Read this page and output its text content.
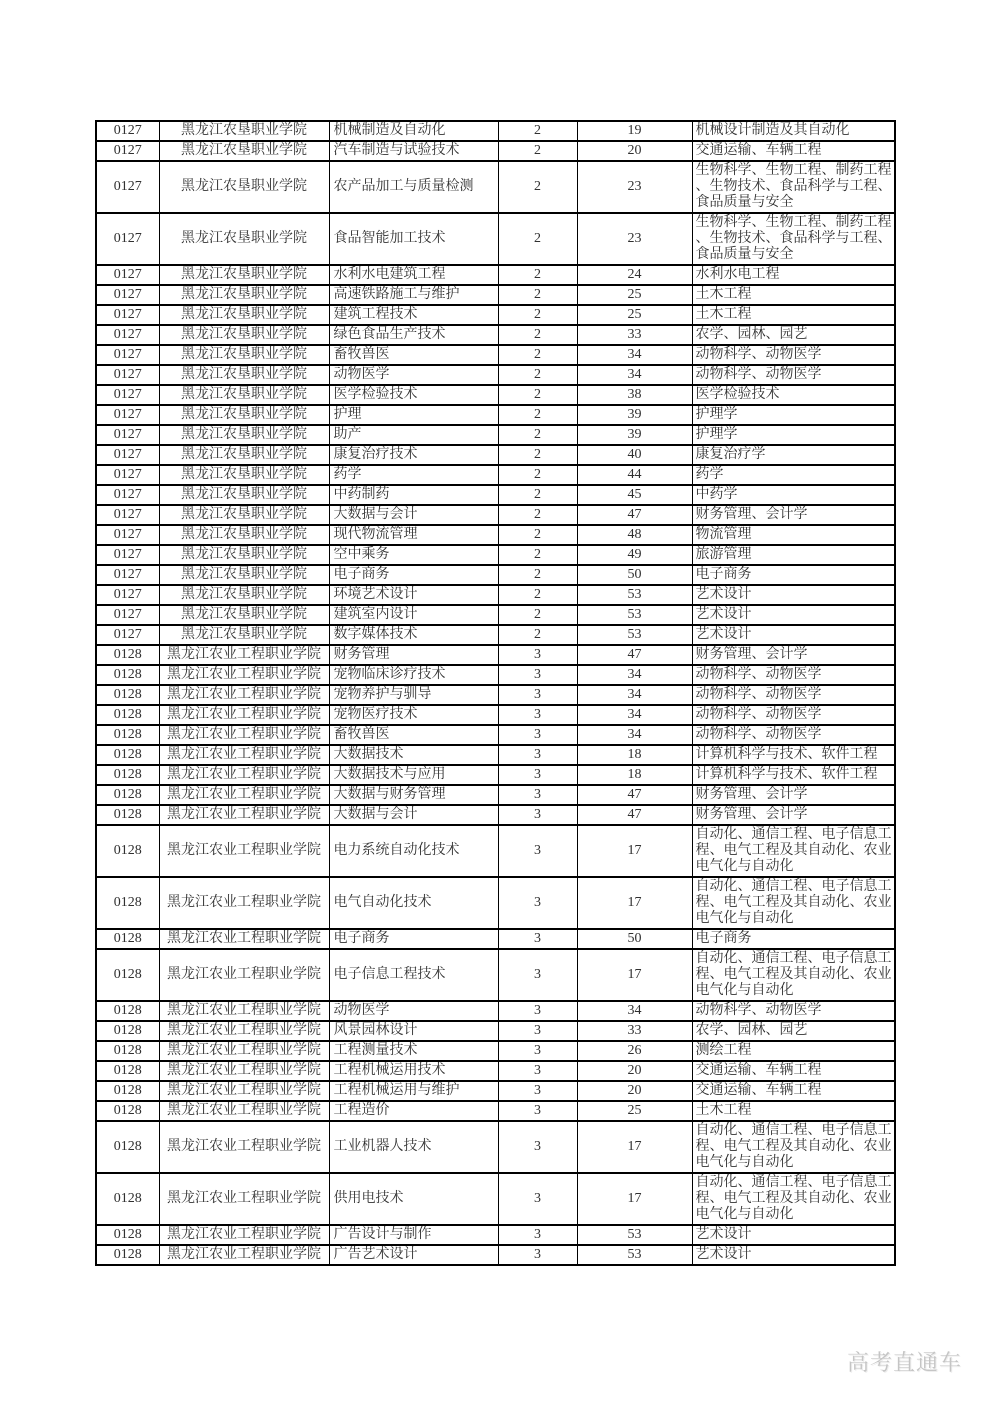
0127	黑龙江农垦职业学院	机械制造及自动化	2	19	机械设计制造及其自动化
0127	黑龙江农垦职业学院	汽车制造与试验技术	2	20	交通运输、车辆工程
0127	黑龙江农垦职业学院	农产品加工与质量检测	2	23	生物科学、生物工程、制药工程、生物技术、食品科学与工程、食品质量与安全
0127	黑龙江农垦职业学院	食品智能加工技术	2	23	生物科学、生物工程、制药工程、生物技术、食品科学与工程、食品质量与安全
0127	黑龙江农垦职业学院	水利水电建筑工程	2	24	水利水电工程
0127	黑龙江农垦职业学院	高速铁路施工与维护	2	25	土木工程
0127	黑龙江农垦职业学院	建筑工程技术	2	25	土木工程
0127	黑龙江农垦职业学院	绿色食品生产技术	2	33	农学、园林、园艺
0127	黑龙江农垦职业学院	畜牧兽医	2	34	动物科学、动物医学
0127	黑龙江农垦职业学院	动物医学	2	34	动物科学、动物医学
0127	黑龙江农垦职业学院	医学检验技术	2	38	医学检验技术
0127	黑龙江农垦职业学院	护理	2	39	护理学
0127	黑龙江农垦职业学院	助产	2	39	护理学
0127	黑龙江农垦职业学院	康复治疗技术	2	40	康复治疗学
0127	黑龙江农垦职业学院	药学	2	44	药学
0127	黑龙江农垦职业学院	中药制药	2	45	中药学
0127	黑龙江农垦职业学院	大数据与会计	2	47	财务管理、会计学
0127	黑龙江农垦职业学院	现代物流管理	2	48	物流管理
0127	黑龙江农垦职业学院	空中乘务	2	49	旅游管理
0127	黑龙江农垦职业学院	电子商务	2	50	电子商务
0127	黑龙江农垦职业学院	环境艺术设计	2	53	艺术设计
0127	黑龙江农垦职业学院	建筑室内设计	2	53	艺术设计
0127	黑龙江农垦职业学院	数字媒体技术	2	53	艺术设计
0128	黑龙江农业工程职业学院	财务管理	3	47	财务管理、会计学
0128	黑龙江农业工程职业学院	宠物临床诊疗技术	3	34	动物科学、动物医学
0128	黑龙江农业工程职业学院	宠物养护与驯导	3	34	动物科学、动物医学
0128	黑龙江农业工程职业学院	宠物医疗技术	3	34	动物科学、动物医学
0128	黑龙江农业工程职业学院	畜牧兽医	3	34	动物科学、动物医学
0128	黑龙江农业工程职业学院	大数据技术	3	18	计算机科学与技术、软件工程
0128	黑龙江农业工程职业学院	大数据技术与应用	3	18	计算机科学与技术、软件工程
0128	黑龙江农业工程职业学院	大数据与财务管理	3	47	财务管理、会计学
0128	黑龙江农业工程职业学院	大数据与会计	3	47	财务管理、会计学
0128	黑龙江农业工程职业学院	电力系统自动化技术	3	17	自动化、通信工程、电子信息工程、电气工程及其自动化、农业电气化与自动化
0128	黑龙江农业工程职业学院	电气自动化技术	3	17	自动化、通信工程、电子信息工程、电气工程及其自动化、农业电气化与自动化
0128	黑龙江农业工程职业学院	电子商务	3	50	电子商务
0128	黑龙江农业工程职业学院	电子信息工程技术	3	17	自动化、通信工程、电子信息工程、电气工程及其自动化、农业电气化与自动化
0128	黑龙江农业工程职业学院	动物医学	3	34	动物科学、动物医学
0128	黑龙江农业工程职业学院	风景园林设计	3	33	农学、园林、园艺
0128	黑龙江农业工程职业学院	工程测量技术	3	26	测绘工程
0128	黑龙江农业工程职业学院	工程机械运用技术	3	20	交通运输、车辆工程
0128	黑龙江农业工程职业学院	工程机械运用与维护	3	20	交通运输、车辆工程
0128	黑龙江农业工程职业学院	工程造价	3	25	土木工程
0128	黑龙江农业工程职业学院	工业机器人技术	3	17	自动化、通信工程、电子信息工程、电气工程及其自动化、农业电气化与自动化
0128	黑龙江农业工程职业学院	供用电技术	3	17	自动化、通信工程、电子信息工程、电气工程及其自动化、农业电气化与自动化
0128	黑龙江农业工程职业学院	广告设计与制作	3	53	艺术设计
0128	黑龙江农业工程职业学院	广告艺术设计	3	53	艺术设计
高考直通车
